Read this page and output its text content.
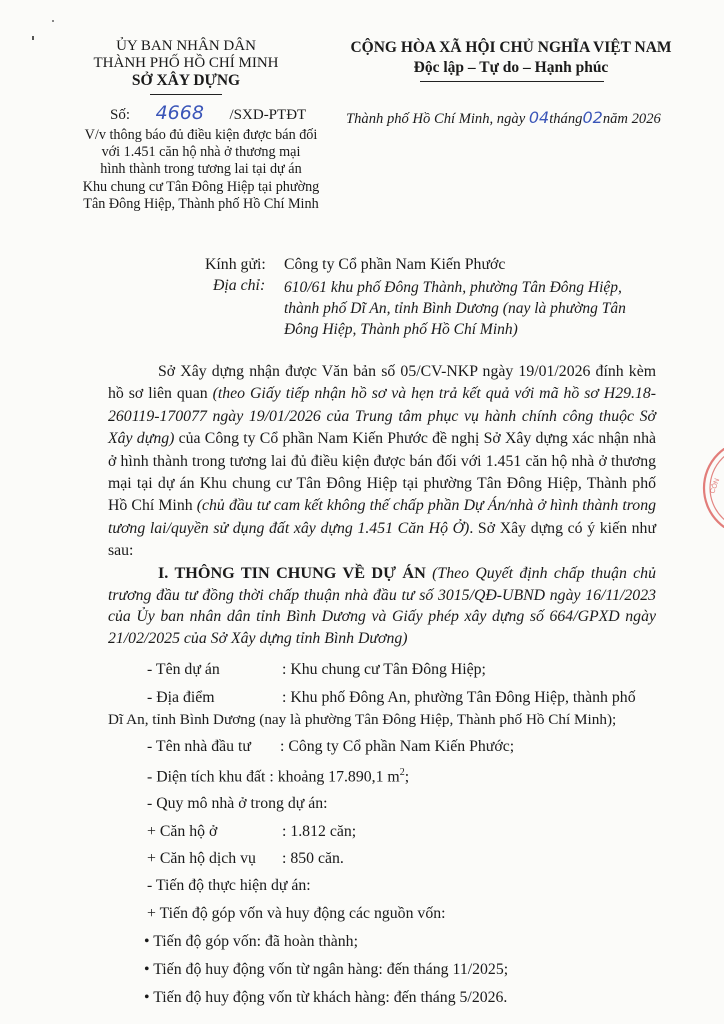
ỦY BAN NHÂN DÂN
THÀNH PHỐ HỒ CHÍ MINH
SỞ XÂY DỰNG
CỘNG HÒA XÃ HỘI CHỦ NGHĨA VIỆT NAM
Độc lập – Tự do – Hạnh phúc
Số: 4668 /SXD-PTĐT	Thành phố Hồ Chí Minh, ngày 04tháng02năm 2026
V/v thông báo đủ điều kiện được bán đối
với 1.451 căn hộ nhà ở thương mại
hình thành trong tương lai tại dự án
Khu chung cư Tân Đông Hiệp tại phường
Tân Đông Hiệp, Thành phố Hồ Chí Minh
Kính gửi: Công ty Cổ phần Nam Kiến Phước
Địa chỉ: 610/61 khu phố Đông Thành, phường Tân Đông Hiệp,
thành phố Dĩ An, tỉnh Bình Dương (nay là phường Tân
Đông Hiệp, Thành phố Hồ Chí Minh)

Sở Xây dựng nhận được Văn bản số 05/CV-NKP ngày 19/01/2026 đính kèm hồ sơ liên quan (theo Giấy tiếp nhận hồ sơ và hẹn trả kết quả với mã hồ sơ H29.18-260119-170077 ngày 19/01/2026 của Trung tâm phục vụ hành chính công thuộc Sở Xây dựng) của Công ty Cổ phần Nam Kiến Phước đề nghị Sở Xây dựng xác nhận nhà ở hình thành trong tương lai đủ điều kiện được bán đối với 1.451 căn hộ nhà ở thương mại tại dự án Khu chung cư Tân Đông Hiệp tại phường Tân Đông Hiệp, Thành phố Hồ Chí Minh (chủ đầu tư cam kết không thế chấp phần Dự Án/nhà ở hình thành trong tương lai/quyền sử dụng đất xây dựng 1.451 Căn Hộ Ở). Sở Xây dựng có ý kiến như sau:

I. THÔNG TIN CHUNG VỀ DỰ ÁN (Theo Quyết định chấp thuận chủ trương đầu tư đồng thời chấp thuận nhà đầu tư số 3015/QĐ-UBND ngày 16/11/2023 của Ủy ban nhân dân tỉnh Bình Dương và Giấy phép xây dựng số 664/GPXD ngày 21/02/2025 của Sở Xây dựng tỉnh Bình Dương)

- Tên dự án	: Khu chung cư Tân Đông Hiệp;
- Địa điểm	: Khu phố Đông An, phường Tân Đông Hiệp, thành phố
Dĩ An, tỉnh Bình Dương (nay là phường Tân Đông Hiệp, Thành phố Hồ Chí Minh);
- Tên nhà đầu tư : Công ty Cổ phần Nam Kiến Phước;
- Diện tích khu đất : khoảng 17.890,1 $m^2$;
- Quy mô nhà ở trong dự án:
+ Căn hộ ở	: 1.812 căn;
+ Căn hộ dịch vụ : 850 căn.
- Tiến độ thực hiện dự án:
+ Tiến độ góp vốn và huy động các nguồn vốn:
• Tiến độ góp vốn: đã hoàn thành;
• Tiến độ huy động vốn từ ngân hàng: đến tháng 11/2025;
• Tiến độ huy động vốn từ khách hàng: đến tháng 5/2026.
CÔN
